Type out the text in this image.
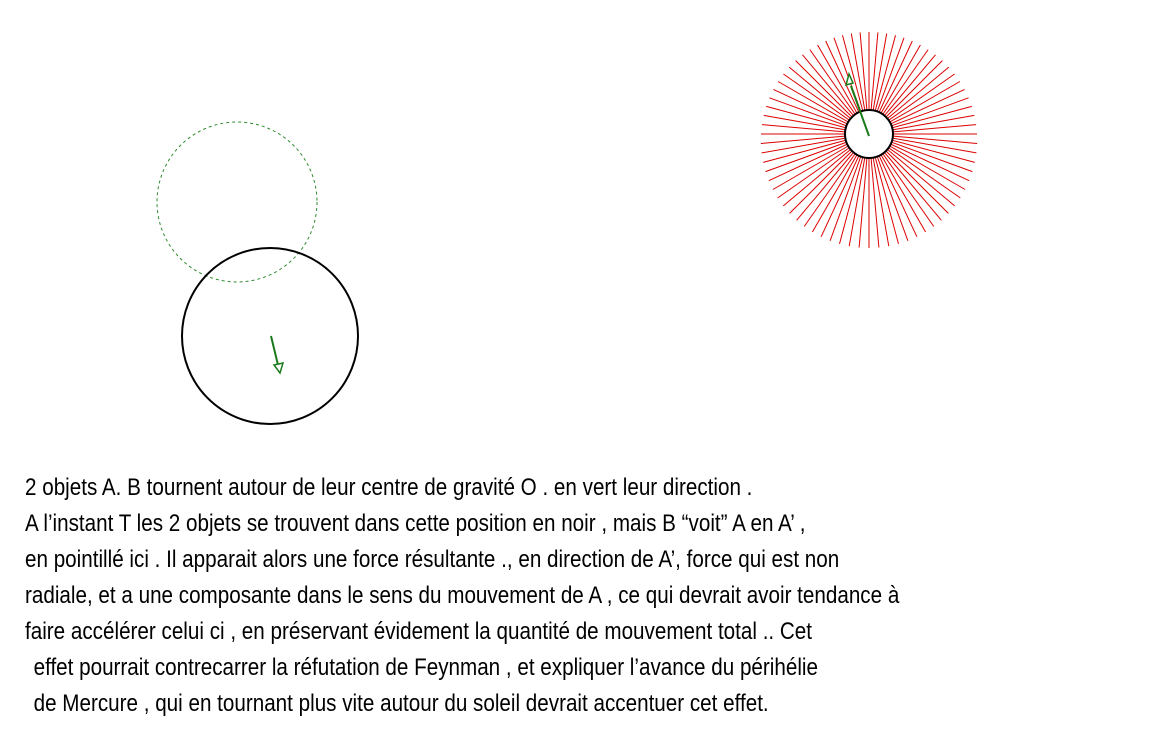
2 objets A. B tournent autour de leur centre de gravité O . en vert leur direction .
A l’instant T les 2 objets se trouvent dans cette position en noir , mais B “voit” A en A’ ,
en pointillé ici . Il apparait alors une force résultante ., en direction de A’, force qui est non
radiale, et a une composante dans le sens du mouvement de A , ce qui devrait avoir tendance à
faire accélérer celui ci , en préservant évidement la quantité de mouvement total .. Cet
effet pourrait contrecarrer la réfutation de Feynman , et expliquer l’avance du périhélie
de Mercure , qui en tournant plus vite autour du soleil devrait accentuer cet effet.
